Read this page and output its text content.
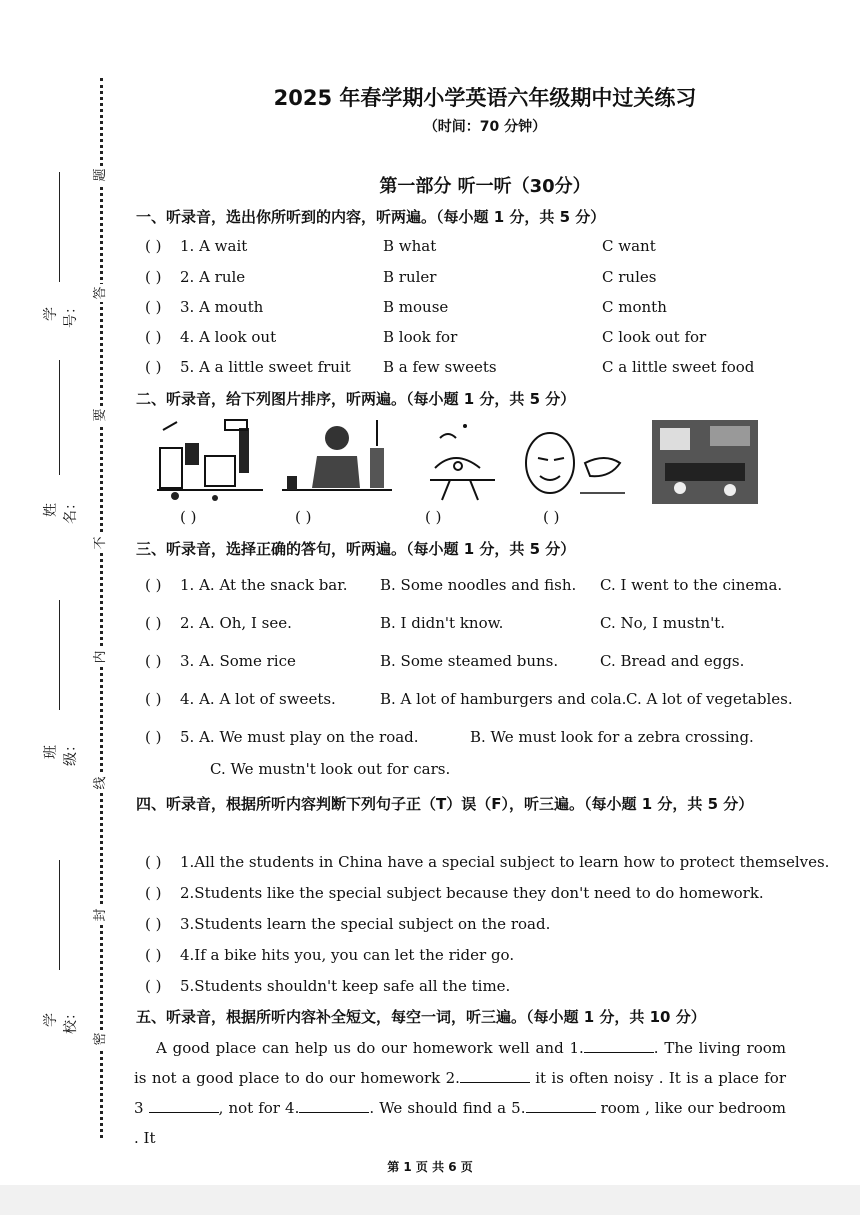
密
封
线
内
不
要
答
题
学校：
班级：
姓名：
学号：
2025 年春学期小学英语六年级期中过关练习
（时间：70 分钟）
第一部分 听一听（30分）
一、听录音，选出你所听到的内容，听两遍。（每小题 1 分，共 5 分）
( ) 1. A wait	B what	C want
( ) 2. A rule	B ruler	C rules
( ) 3. A mouth	B mouse	C month
( ) 4. A look out	B look for	C look out for
( ) 5. A a little sweet fruit B a few sweets	C a little sweet food
二、听录音，给下列图片排序，听两遍。（每小题 1 分，共 5 分）
( )	( )	( )	( )
三、听录音，选择正确的答句，听两遍。（每小题 1 分，共 5 分）
( ) 1. A. At the snack bar. B. Some noodles and fish. C. I went to the cinema.
( ) 2. A. Oh, I see.	B. I didn't know.	C. No, I mustn't.
( ) 3. A. Some rice	B. Some steamed buns.	C. Bread and eggs.
( ) 4. A. A lot of sweets.	B. A lot of hamburgers and cola. C. A lot of vegetables.
( ) 5. A. We must play on the road.	B. We must look for a zebra crossing.
C. We mustn't look out for cars.
四、听录音，根据所听内容判断下列句子正（T）误（F），听三遍。（每小题 1 分，共 5 分）
( ) 1.All the students in China have a special subject to learn how to protect themselves.
( ) 2.Students like the special subject because they don't need to do homework.
( ) 3.Students learn the special subject on the road.
( ) 4.If a bike hits you, you can let the rider go.
( ) 5.Students shouldn't keep safe all the time.
五、听录音，根据所听内容补全短文，每空一词，听三遍。（每小题 1 分，共 10 分）
A good place can help us do our homework well and 1.	. The living room is not a good place to do our homework 2.	it is often noisy . It is a place for 3	, not for 4.	. We should find a 5.	room , like our bedroom . It
第 1 页 共 6 页
